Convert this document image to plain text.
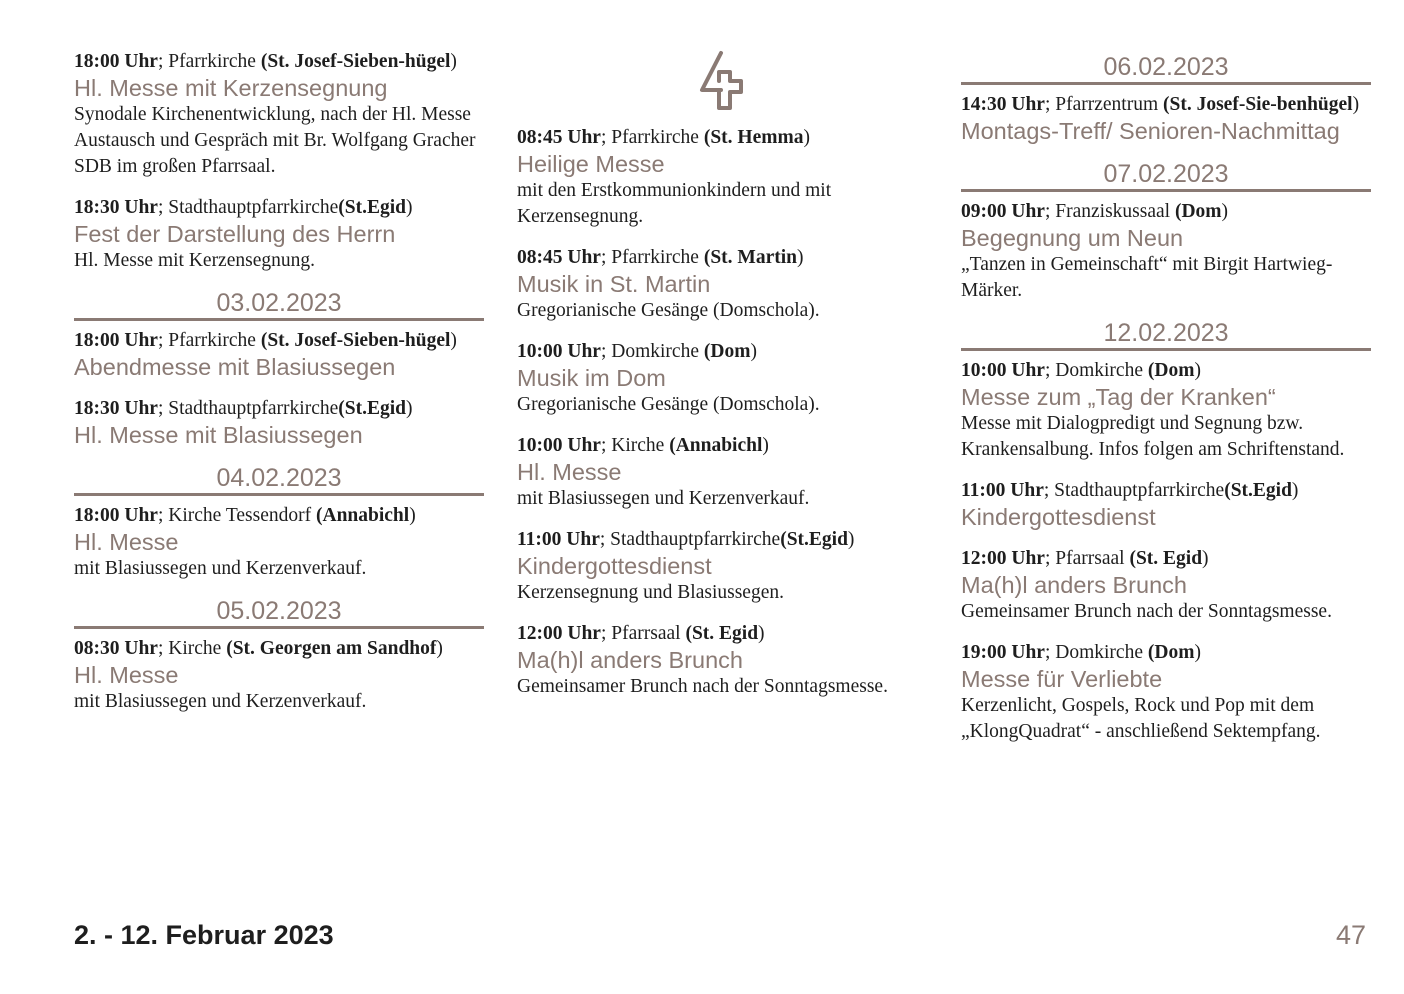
18:00 Uhr; Pfarrkirche (St. Josef-Sieben-hügel)
Hl. Messe mit Kerzensegnung
Synodale Kirchenentwicklung, nach der Hl. Messe Austausch und Gespräch mit Br. Wolfgang Gracher SDB im großen Pfarrsaal.
18:30 Uhr; Stadthauptpfarrkirche(St.Egid)
Fest der Darstellung des Herrn
Hl. Messe mit Kerzensegnung.
03.02.2023
18:00 Uhr; Pfarrkirche (St. Josef-Sieben-hügel)
Abendmesse mit Blasiussegen
18:30 Uhr; Stadthauptpfarrkirche(St.Egid)
Hl. Messe mit Blasiussegen
04.02.2023
18:00 Uhr; Kirche Tessendorf (Annabichl)
Hl. Messe
mit Blasiussegen und Kerzenverkauf.
05.02.2023
08:30 Uhr; Kirche (St. Georgen am Sandhof)
Hl. Messe
mit Blasiussegen und Kerzenverkauf.
08:45 Uhr; Pfarrkirche (St. Hemma)
Heilige Messe
mit den Erstkommunionkindern und mit Kerzensegnung.
08:45 Uhr; Pfarrkirche (St. Martin)
Musik in St. Martin
Gregorianische Gesänge (Domschola).
10:00 Uhr; Domkirche (Dom)
Musik im Dom
Gregorianische Gesänge (Domschola).
10:00 Uhr; Kirche (Annabichl)
Hl. Messe
mit Blasiussegen und Kerzenverkauf.
11:00 Uhr; Stadthauptpfarrkirche(St.Egid)
Kindergottesdienst
Kerzensegnung und Blasiussegen.
12:00 Uhr; Pfarrsaal (St. Egid)
Ma(h)l anders Brunch
Gemeinsamer Brunch nach der Sonntagsmesse.
06.02.2023
14:30 Uhr; Pfarrzentrum (St. Josef-Sie-benhügel)
Montags-Treff/ Senioren-Nachmittag
07.02.2023
09:00 Uhr; Franziskussaal (Dom)
Begegnung um Neun
„Tanzen in Gemeinschaft“ mit Birgit Hartwieg-Märker.
12.02.2023
10:00 Uhr; Domkirche (Dom)
Messe zum „Tag der Kranken“
Messe mit Dialogpredigt und Segnung bzw. Krankensalbung. Infos folgen am Schriftenstand.
11:00 Uhr; Stadthauptpfarrkirche(St.Egid)
Kindergottesdienst
12:00 Uhr; Pfarrsaal (St. Egid)
Ma(h)l anders Brunch
Gemeinsamer Brunch nach der Sonntagsmesse.
19:00 Uhr; Domkirche (Dom)
Messe für Verliebte
Kerzenlicht, Gospels, Rock und Pop mit dem „KlongQuadrat“ - anschließend Sektempfang.
2. - 12. Februar 2023	47
